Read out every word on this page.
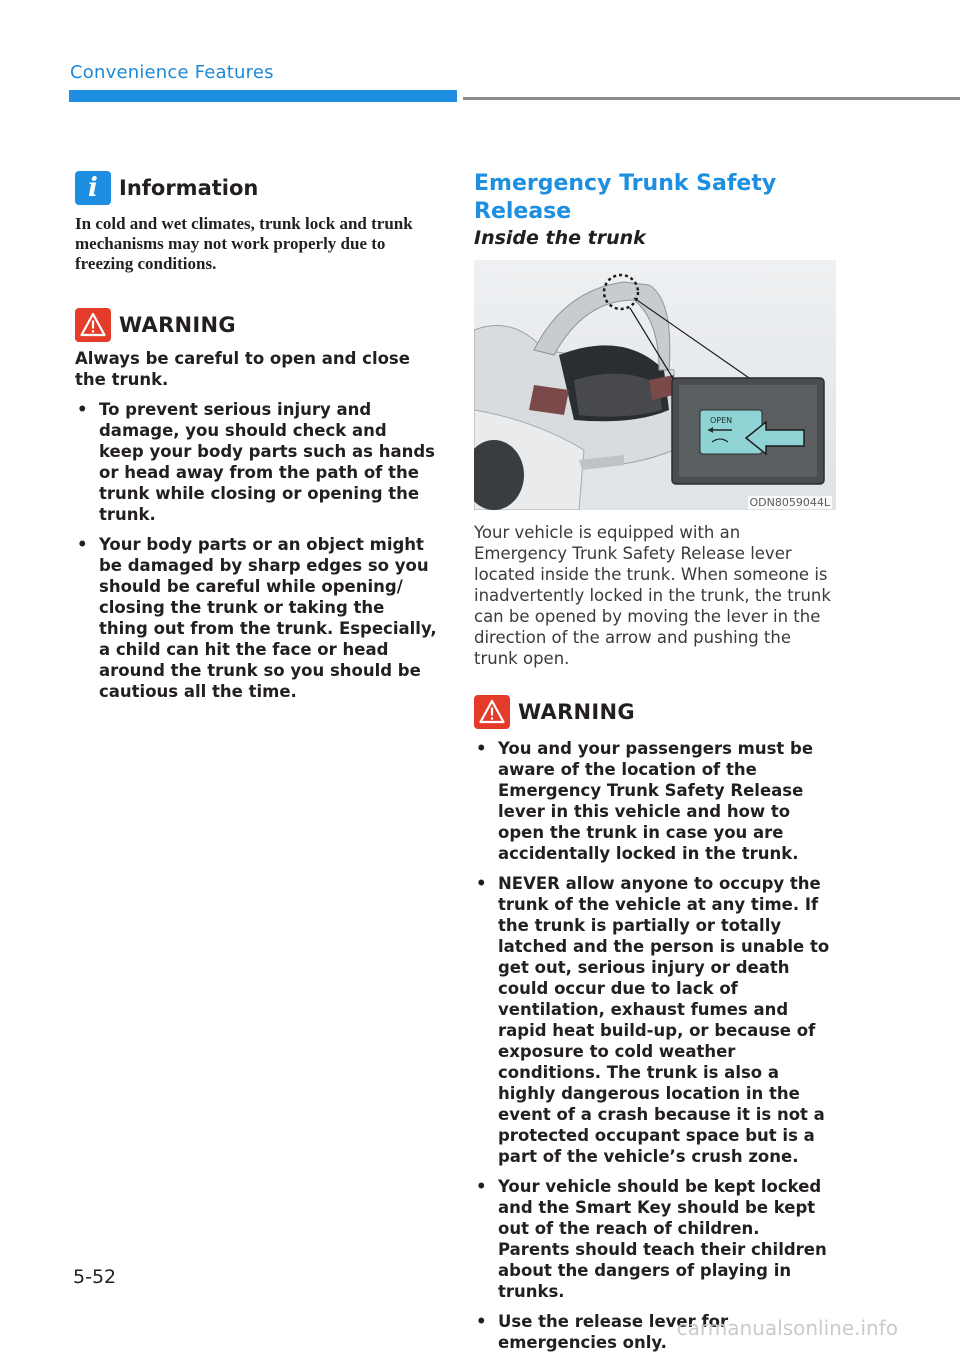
Convenience Features
i Information
In cold and wet climates, trunk lock and trunk mechanisms may not work properly due to freezing conditions.
WARNING
Always be careful to open and close the trunk.
• To prevent serious injury and damage, you should check and keep your body parts such as hands or head away from the path of the trunk while closing or opening the trunk.
• Your body parts or an object might be damaged by sharp edges so you should be careful while opening/ closing the trunk or taking the thing out from the trunk. Especially, a child can hit the face or head around the trunk so you should be cautious all the time.
Emergency Trunk Safety Release
Inside the trunk
OPEN
ODN8059044L
Your vehicle is equipped with an Emergency Trunk Safety Release lever located inside the trunk. When someone is inadvertently locked in the trunk, the trunk can be opened by moving the lever in the direction of the arrow and pushing the trunk open.
WARNING
• You and your passengers must be aware of the location of the Emergency Trunk Safety Release lever in this vehicle and how to open the trunk in case you are accidentally locked in the trunk.
• NEVER allow anyone to occupy the trunk of the vehicle at any time. If the trunk is partially or totally latched and the person is unable to get out, serious injury or death could occur due to lack of ventilation, exhaust fumes and rapid heat build-up, or because of exposure to cold weather conditions. The trunk is also a highly dangerous location in the event of a crash because it is not a protected occupant space but is a part of the vehicle’s crush zone.
• Your vehicle should be kept locked and the Smart Key should be kept out of the reach of children. Parents should teach their children about the dangers of playing in trunks.
• Use the release lever for emergencies only.
5-52
carmanualsonline.info
